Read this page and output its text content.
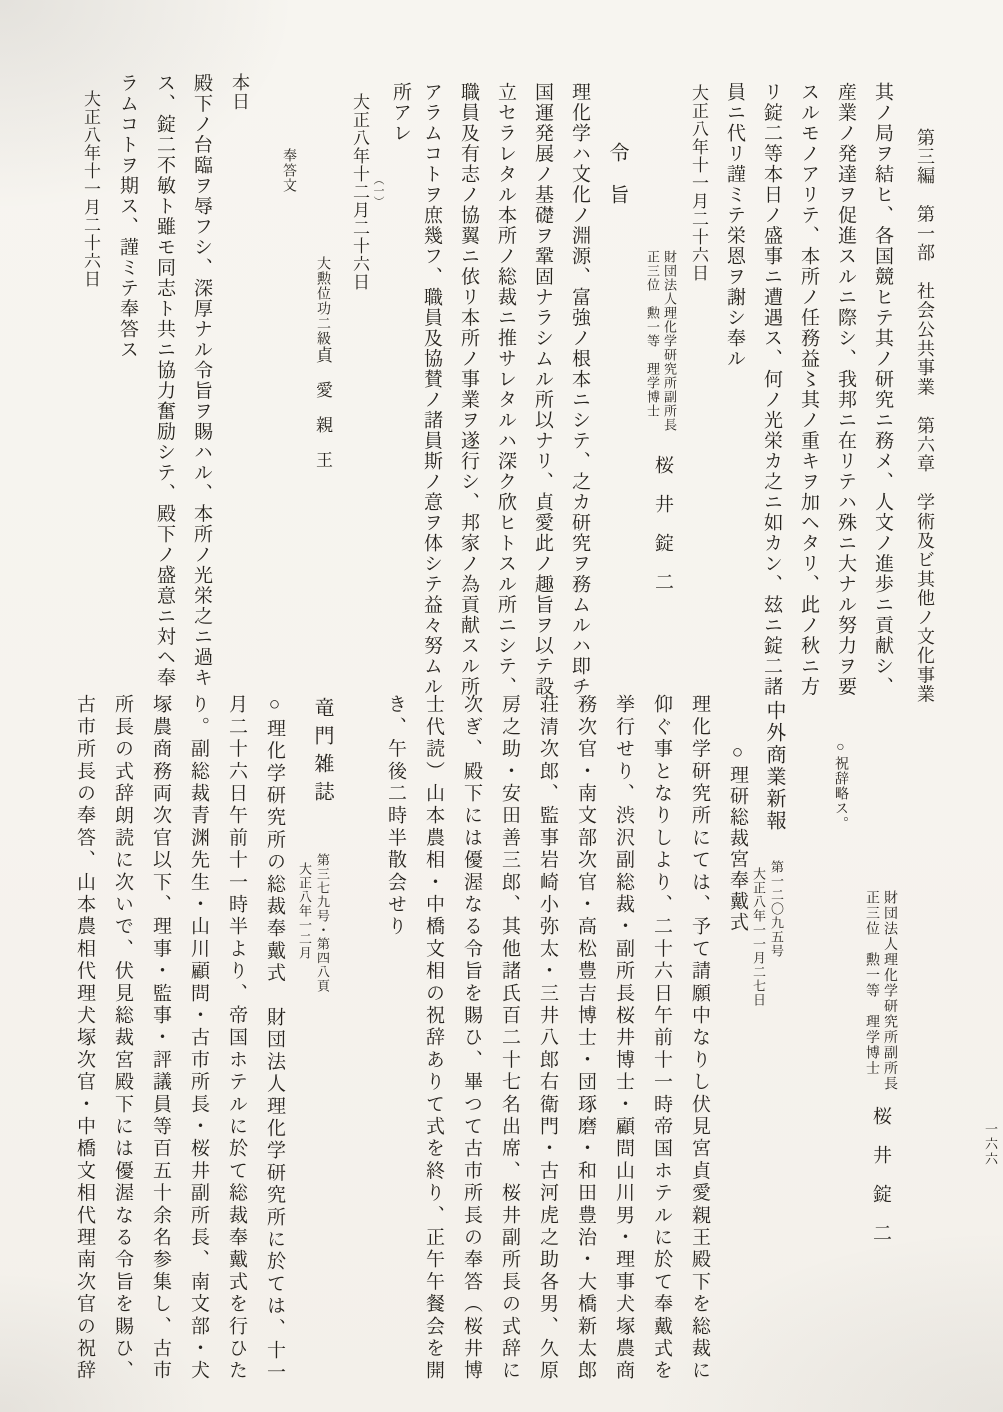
第三編　第一部　社会公共事業　第六章　学術及ビ其他ノ文化事業
一六六
其ノ局ヲ結ヒ、各国競ヒテ其ノ研究ニ務メ、人文ノ進歩ニ貢献シ、
産業ノ発達ヲ促進スルニ際シ、我邦ニ在リテハ殊ニ大ナル努力ヲ要
スルモノアリテ、本所ノ任務益〻其ノ重キヲ加ヘタリ、此ノ秋ニ方
リ錠二等本日ノ盛事ニ遭遇ス、何ノ光栄カ之ニ如カン、玆ニ錠二諸
員ニ代リ謹ミテ栄恩ヲ謝シ奉ル
大正八年十一月二十六日
財団法人理化学研究所副所長
正三位　勲一等　理学博士
桜　井　錠　二
令　旨
理化学ハ文化ノ淵源、富強ノ根本ニシテ、之カ研究ヲ務ムルハ即チ
国運発展ノ基礎ヲ鞏固ナラシムル所以ナリ、貞愛此ノ趣旨ヲ以テ設
立セラレタル本所ノ総裁ニ推サレタルハ深ク欣ヒトスル所ニシテ、
職員及有志ノ協翼ニ依リ本所ノ事業ヲ遂行シ、邦家ノ為貢献スル所
アラムコトヲ庶幾フ、職員及協賛ノ諸員斯ノ意ヲ体シテ益々努ムル
所アレ
大正八年十二月二十六日 （一）
大勲位功二級貞　愛　親　王
奉答文
本日
殿下ノ台臨ヲ辱フシ、深厚ナル令旨ヲ賜ハル、本所ノ光栄之ニ過キ
ス、錠二不敏ト雖モ同志ト共ニ協力奮励シテ、殿下ノ盛意ニ対ヘ奉
ラムコトヲ期ス、謹ミテ奉答ス
大正八年十一月二十六日
財団法人理化学研究所副所長
正三位　勲一等　理学博士
桜　井　錠　二
○祝辞略ス。
中外商業新報
第一二〇九五号
大正八年一一月二七日
○理研総裁宮奉戴式
理化学研究所にては、予て請願中なりし伏見宮貞愛親王殿下を総裁に
仰ぐ事となりしより、二十六日午前十一時帝国ホテルに於て奉戴式を
挙行せり、渋沢副総裁・副所長桜井博士・顧問山川男・理事犬塚農商
務次官・南文部次官・高松豊吉博士・団琢磨・和田豊治・大橋新太郎
荘清次郎、監事岩崎小弥太・三井八郎右衛門・古河虎之助各男、久原
房之助・安田善三郎、其他諸氏百二十七名出席、桜井副所長の式辞に
次ぎ、殿下には優渥なる令旨を賜ひ、畢つて古市所長の奉答（桜井博
士代読）山本農相・中橋文相の祝辞ありて式を終り、正午午餐会を開
き、午後二時半散会せり
竜門雑誌
第三七九号・第四八頁
大正八年一二月
○理化学研究所の総裁奉戴式　財団法人理化学研究所に於ては、十一
月二十六日午前十一時半より、帝国ホテルに於て総裁奉戴式を行ひた
り。副総裁青渊先生・山川顧問・古市所長・桜井副所長、南文部・犬
塚農商務両次官以下、理事・監事・評議員等百五十余名参集し、古市
所長の式辞朗読に次いで、伏見総裁宮殿下には優渥なる令旨を賜ひ、
古市所長の奉答、山本農相代理犬塚次官・中橋文相代理南次官の祝辞
